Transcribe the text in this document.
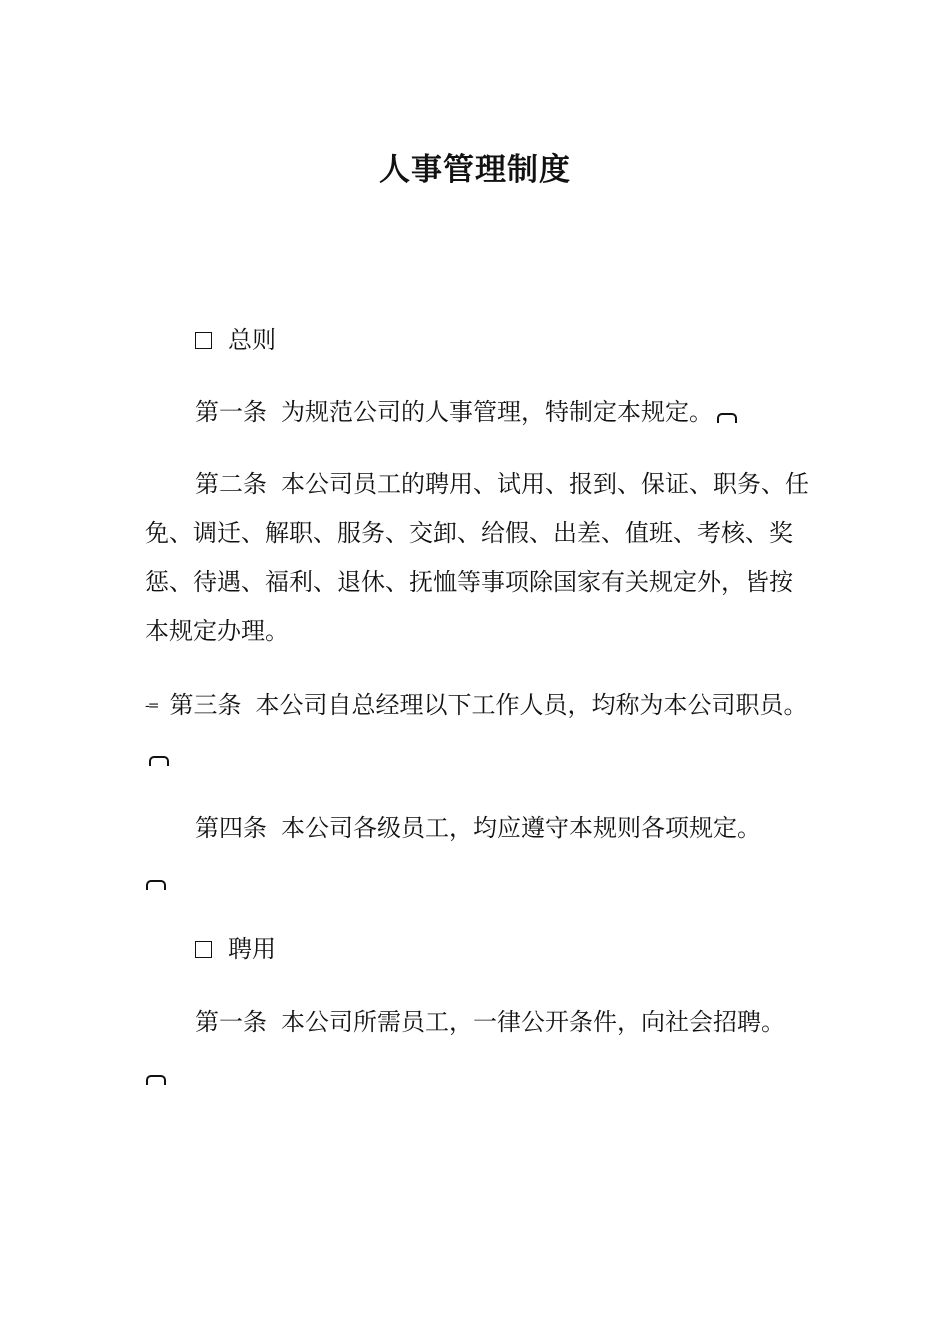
人事管理制度
总则
第一条 为规范公司的人事管理，特制定本规定。
第二条 本公司员工的聘用、试用、报到、保证、职务、任免、调迁、解职、服务、交卸、给假、出差、值班、考核、奖惩、待遇、福利、退休、抚恤等事项除国家有关规定外，皆按本规定办理。
-= 第三条 本公司自总经理以下工作人员，均称为本公司职员。
第四条 本公司各级员工，均应遵守本规则各项规定。
聘用
第一条 本公司所需员工，一律公开条件，向社会招聘。
